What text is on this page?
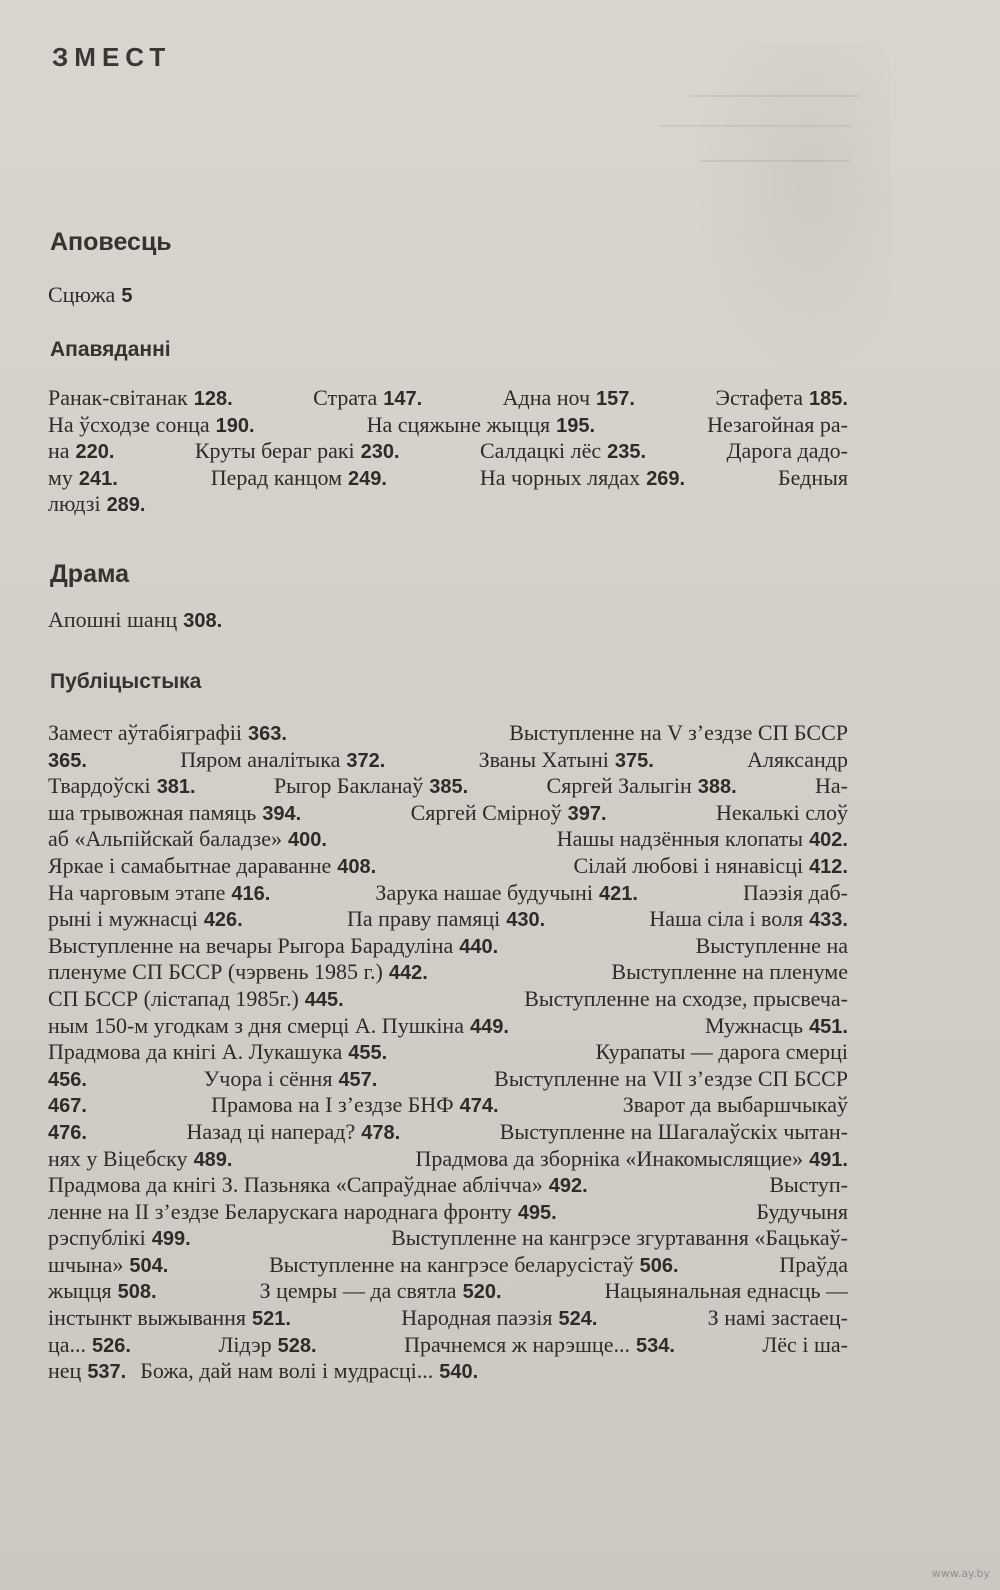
ЗМЕСТ
Аповесць
Сцюжа 5
Апавяданні
Ранак-світанак 128.	Страта 147.	Адна ноч 157.	Эстафета 185.
На ўсходзе сонца 190.	На сцяжыне жыцця 195.	Незагойная ра-
на 220.	Круты бераг ракі 230.	Салдацкі лёс 235.	Дарога дадо-
му 241.	Перад канцом 249.	На чорных лядах 269.	Бедныя
людзі 289.
Драма
Апошні шанц 308.
Публіцыстыка
Замест аўтабіяграфіі 363.	Выступленне на V з’ездзе СП БССР
365.	Пяром аналітыка 372.	Званы Хатыні 375.	Аляксандр
Твардоўскі 381.	Рыгор Бакланаў 385.	Сяргей Залыгін 388.	На-
ша трывожная памяць 394.	Сяргей Смірноў 397.	Некалькі слоў
аб «Альпійскай баладзе» 400.	Нашы надзённыя клопаты 402.
Яркае і самабытнае дараванне 408.	Сілай любові і нянавісці 412.
На чарговым этапе 416.	Зарука нашае будучыні 421.	Паэзія даб-
рыні і мужнасці 426.	Па праву памяці 430.	Наша сіла і воля 433.
Выступленне на вечары Рыгора Барадуліна 440.	Выступленне на
пленуме СП БССР (чэрвень 1985 г.) 442.	Выступленне на пленуме
СП БССР (лістапад 1985г.) 445.	Выступленне на сходзе, прысвеча-
ным 150-м угодкам з дня смерці А. Пушкіна 449.	Мужнасць 451.
Прадмова да кнігі А. Лукашука 455.	Курапаты — дарога смерці
456.	Учора і сёння 457.	Выступленне на VII з’ездзе СП БССР
467.	Прамова на I з’ездзе БНФ 474.	Зварот да выбаршчыкаў
476.	Назад ці наперад? 478.	Выступленне на Шагалаўскіх чытан-
нях у Віцебску 489.	Прадмова да зборніка «Инакомыслящие» 491.
Прадмова да кнігі З. Пазьняка «Сапраўднае аблічча» 492.	Выступ-
ленне на II з’ездзе Беларускага народнага фронту 495.	Будучыня
рэспублікі 499.	Выступленне на кангрэсе згуртавання «Бацькаў-
шчына» 504.	Выступленне на кангрэсе беларусістаў 506.	Праўда
жыцця 508.	З цемры — да святла 520.	Нацыянальная еднасць —
інстынкт выжывання 521.	Народная паэзія 524.	З намі застаец-
ца... 526.	Лідэр 528.	Прачнемся ж нарэшце... 534.	Лёс і ша-
нец 537. Божа, дай нам волі і мудрасці... 540.
www.ay.by
